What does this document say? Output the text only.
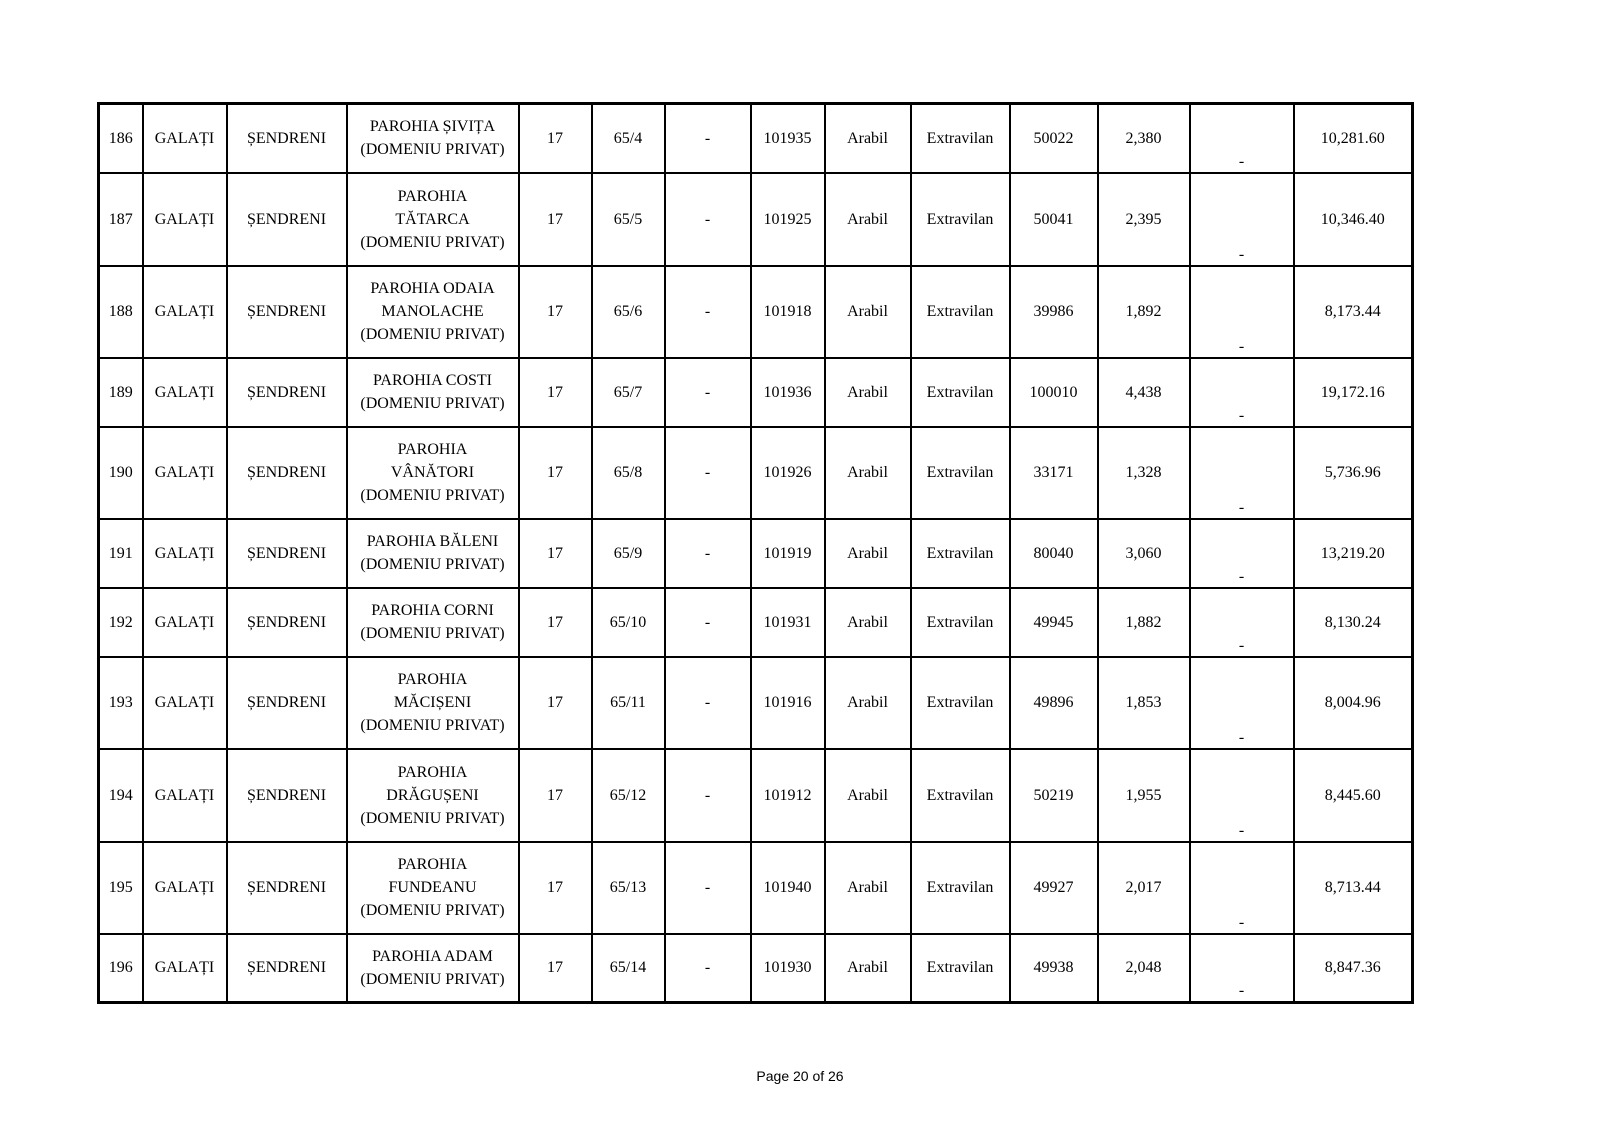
186	GALAȚI	ȘENDRENI	PAROHIA ȘIVIȚA
(DOMENIU PRIVAT)	17	65/4	-	101935	Arabil	Extravilan	50022	2,380	-	10,281.60
187	GALAȚI	ȘENDRENI	PAROHIA
TĂTARCA
(DOMENIU PRIVAT)	17	65/5	-	101925	Arabil	Extravilan	50041	2,395	-	10,346.40
188	GALAȚI	ȘENDRENI	PAROHIA ODAIA
MANOLACHE
(DOMENIU PRIVAT)	17	65/6	-	101918	Arabil	Extravilan	39986	1,892	-	8,173.44
189	GALAȚI	ȘENDRENI	PAROHIA COSTI
(DOMENIU PRIVAT)	17	65/7	-	101936	Arabil	Extravilan	100010	4,438	-	19,172.16
190	GALAȚI	ȘENDRENI	PAROHIA
VÂNĂTORI
(DOMENIU PRIVAT)	17	65/8	-	101926	Arabil	Extravilan	33171	1,328	-	5,736.96
191	GALAȚI	ȘENDRENI	PAROHIA BĂLENI
(DOMENIU PRIVAT)	17	65/9	-	101919	Arabil	Extravilan	80040	3,060	-	13,219.20
192	GALAȚI	ȘENDRENI	PAROHIA CORNI
(DOMENIU PRIVAT)	17	65/10	-	101931	Arabil	Extravilan	49945	1,882	-	8,130.24
193	GALAȚI	ȘENDRENI	PAROHIA
MĂCIȘENI
(DOMENIU PRIVAT)	17	65/11	-	101916	Arabil	Extravilan	49896	1,853	-	8,004.96
194	GALAȚI	ȘENDRENI	PAROHIA
DRĂGUȘENI
(DOMENIU PRIVAT)	17	65/12	-	101912	Arabil	Extravilan	50219	1,955	-	8,445.60
195	GALAȚI	ȘENDRENI	PAROHIA
FUNDEANU
(DOMENIU PRIVAT)	17	65/13	-	101940	Arabil	Extravilan	49927	2,017	-	8,713.44
196	GALAȚI	ȘENDRENI	PAROHIA ADAM
(DOMENIU PRIVAT)	17	65/14	-	101930	Arabil	Extravilan	49938	2,048	-	8,847.36
Page 20 of 26
